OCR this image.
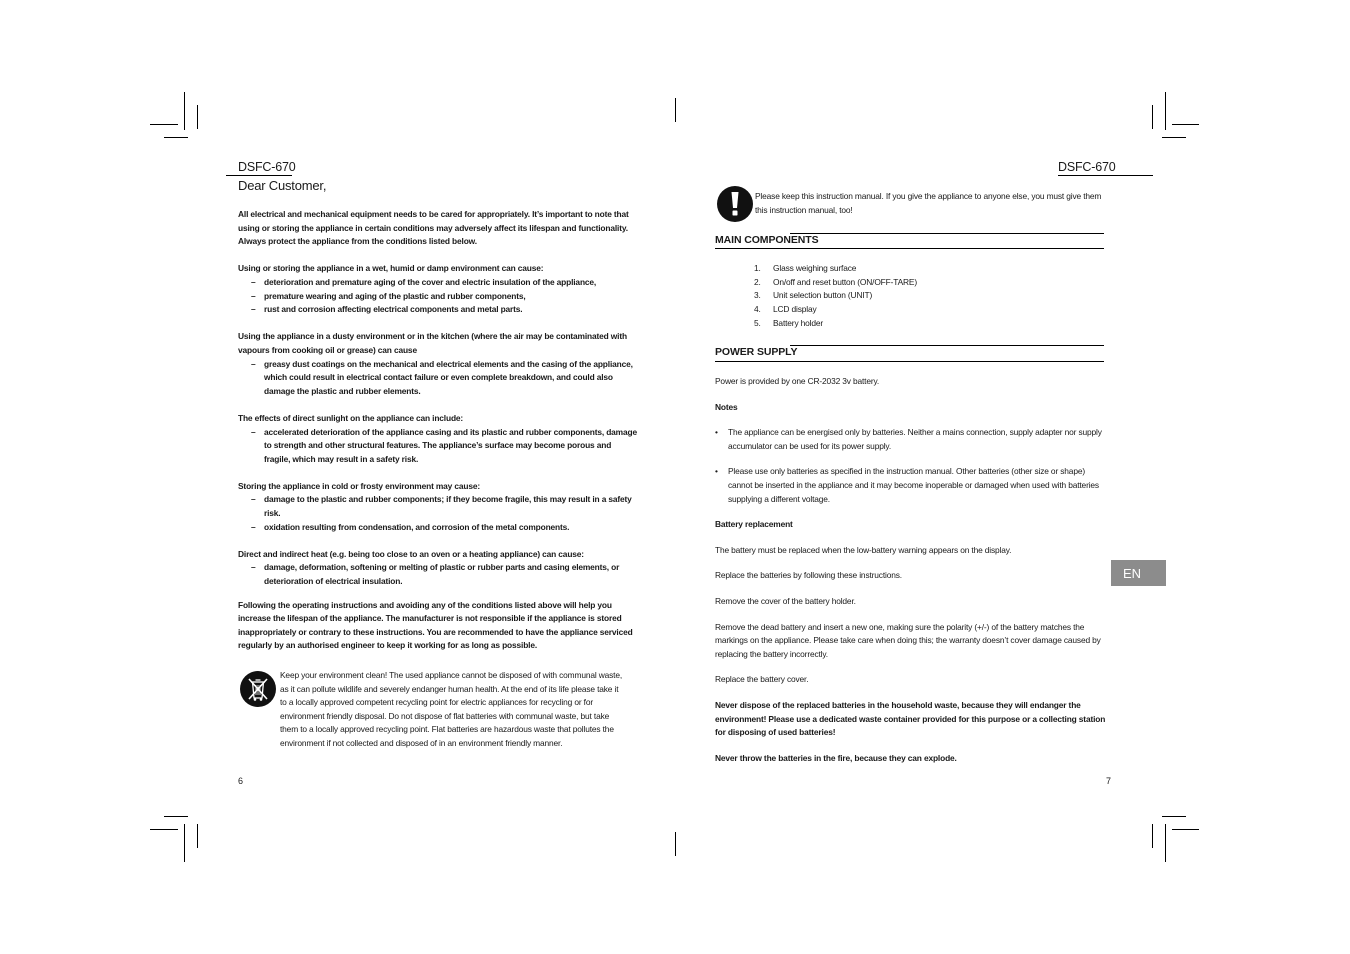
DSFC-670
Dear Customer,

All electrical and mechanical equipment needs to be cared for appropriately. It’s important to note that using or storing the appliance in certain conditions may adversely affect its lifespan and functionality. Always protect the appliance from the conditions listed below.

Using or storing the appliance in a wet, humid or damp environment can cause:

–	deterioration and premature aging of the cover and electric insulation of the appliance,
–	premature wearing and aging of the plastic and rubber components,
–	rust and corrosion affecting electrical components and metal parts.

Using the appliance in a dusty environment or in the kitchen (where the air may be contaminated with vapours from cooking oil or grease) can cause

–	greasy dust coatings on the mechanical and electrical elements and the casing of the appliance, which could result in electrical contact failure or even complete breakdown, and could also damage the plastic and rubber elements.

The effects of direct sunlight on the appliance can include:

–	accelerated deterioration of the appliance casing and its plastic and rubber components, damage to strength and other structural features. The appliance’s surface may become porous and fragile, which may result in a safety risk.

Storing the appliance in cold or frosty environment may cause:

–	damage to the plastic and rubber components; if they become fragile, this may result in a safety risk.
–	oxidation resulting from condensation, and corrosion of the metal components.

Direct and indirect heat (e.g. being too close to an oven or a heating appliance) can cause:

–	damage, deformation, softening or melting of plastic or rubber parts and casing elements, or deterioration of electrical insulation.

Following the operating instructions and avoiding any of the conditions listed above will help you increase the lifespan of the appliance. The manufacturer is not responsible if the appliance is stored inappropriately or contrary to these instructions. You are recommended to have the appliance serviced regularly by an authorised engineer to keep it working for as long as possible.

Keep your environment clean! The used appliance cannot be disposed of with communal waste, as it can pollute wildlife and severely endanger human health. At the end of its life please take it to a locally approved competent recycling point for electric appliances for recycling or for environment friendly disposal. Do not dispose of flat batteries with communal waste, but take them to a locally approved recycling point. Flat batteries are hazardous waste that pollutes the environment if not collected and disposed of in an environment friendly manner.
6
DSFC-670
Please keep this instruction manual. If you give the appliance to anyone else, you must give them this instruction manual, too!
MAIN COMPONENTS
1.	Glass weighing surface
2.	On/off and reset button (ON/OFF-TARE)
3.	Unit selection button (UNIT)
4.	LCD display
5.	Battery holder
POWER SUPPLY

Power is provided by one CR-2032 3v battery.

Notes

•	The appliance can be energised only by batteries. Neither a mains connection, supply adapter nor supply accumulator can be used for its power supply.
•	Please use only batteries as specified in the instruction manual. Other batteries (other size or shape) cannot be inserted in the appliance and it may become inoperable or damaged when used with batteries supplying a different voltage.

Battery replacement

The battery must be replaced when the low-battery warning appears on the display.

Replace the batteries by following these instructions.

Remove the cover of the battery holder.

Remove the dead battery and insert a new one, making sure the polarity (+/-) of the battery matches the markings on the appliance. Please take care when doing this; the warranty doesn’t cover damage caused by replacing the battery incorrectly.

Replace the battery cover.

Never dispose of the replaced batteries in the household waste, because they will endanger the environment! Please use a dedicated waste container provided for this purpose or a collecting station for disposing of used batteries!

Never throw the batteries in the fire, because they can explode.

EN
7
